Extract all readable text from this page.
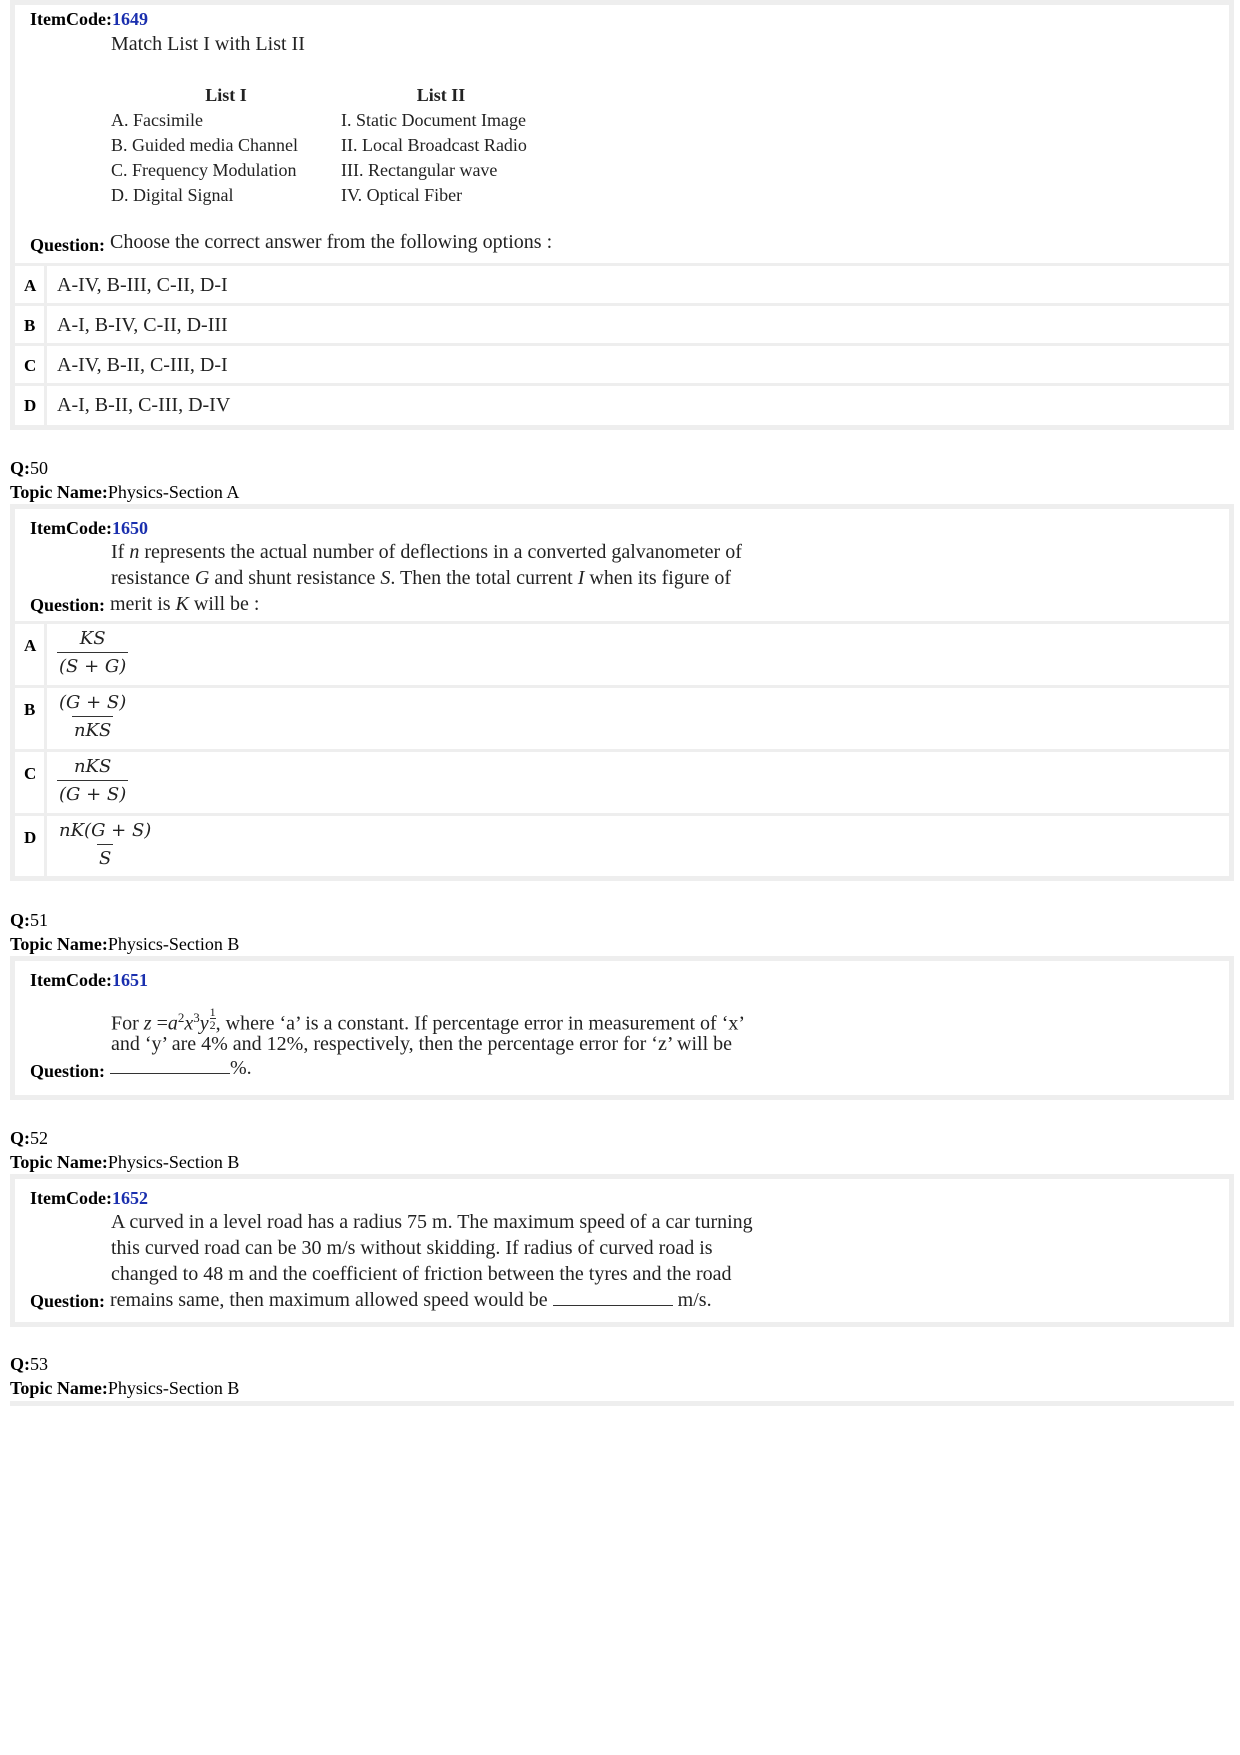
ItemCode:1649
Match List I with List II
List I	List II
A. Facsimile	I. Static Document Image
B. Guided media Channel	II. Local Broadcast Radio
C. Frequency Modulation	III. Rectangular wave
D. Digital Signal	IV. Optical Fiber
Question: Choose the correct answer from the following options :
A	A-IV, B-III, C-II, D-I
B	A-I, B-IV, C-II, D-III
C	A-IV, B-II, C-III, D-I
D	A-I, B-II, C-III, D-IV
Q:50
Topic Name:Physics-Section A
ItemCode:1650
If n represents the actual number of deflections in a converted galvanometer of
resistance G and shunt resistance S. Then the total current I when its figure of
Question: merit is K will be :
A	$\frac{KS}{(S + G)}$
B	$\frac{(G + S)}{\text{nKS}}$
C	$\frac{\text{nKS}}{(G + S)}$
D	$\frac{nK(G + S)}{S}$
Q:51
Topic Name:Physics-Section B
ItemCode:1651
For $z =a^2x^3y \frac{1}{2}$ , where ‘a’ is a constant. If percentage error in measurement of ‘x’
and ‘y’ are 4% and 12%, respectively, then the percentage error for ‘z’ will be
Question:	%.
Q:52
Topic Name:Physics-Section B
ItemCode:1652
A curved in a level road has a radius 75 m. The maximum speed of a car turning
this curved road can be 30 m/s without skidding. If radius of curved road is
changed to 48 m and the coefficient of friction between the tyres and the road
Question: remains same, then maximum allowed speed would be	m/s.
Q:53
Topic Name:Physics-Section B
